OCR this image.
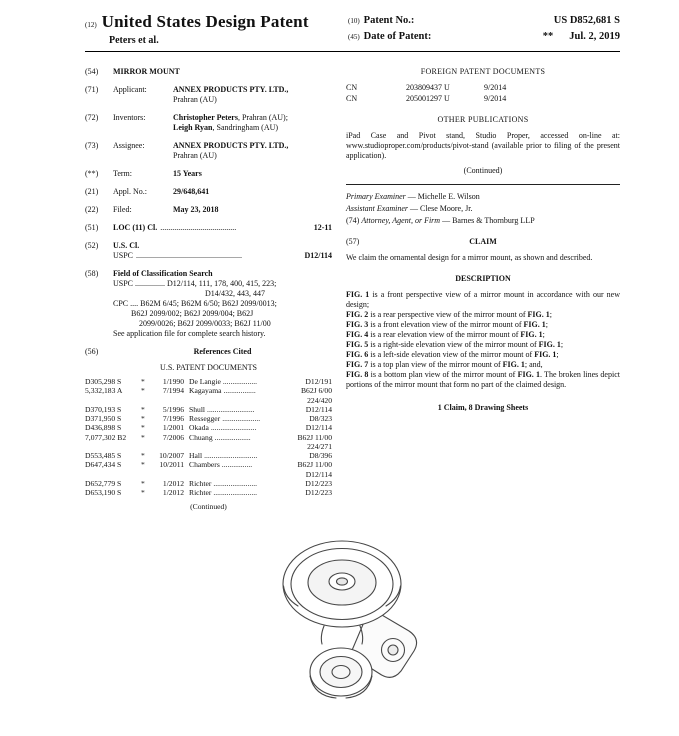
(12) United States Design Patent
Peters et al.
(10) Patent No.:	US D852,681 S
(45) Date of Patent:	** Jul. 2, 2019
(54)	MIRROR MOUNT
(71)	Applicant:	ANNEX PRODUCTS PTY. LTD.,
Prahran (AU)
(72)	Inventors:	Christopher Peters, Prahran (AU);
Leigh Ryan, Sandringham (AU)
(73)	Assignee:	ANNEX PRODUCTS PTY. LTD.,
Prahran (AU)
(**)	Term:	15 Years
(21)	Appl. No.:	29/648,641
(22)	Filed:	May 23, 2018
(51)	LOC (11) Cl. ......................................	12-11
(52)	U.S. Cl.
USPC .....................................................	D12/114
(58)	Field of Classification Search
USPC ............... D12/114, 111, 178, 400, 415, 223;
D14/432, 443, 447
CPC .... B62M 6/45; B62M 6/50; B62J 2099/0013;
B62J 2099/002; B62J 2099/004; B62J
2099/0026; B62J 2099/0033; B62J 11/00
See application file for complete search history.
(56)	References Cited
U.S. PATENT DOCUMENTS
D305,298 S	*	1/1990 De Langie ..................	D12/191
5,332,183 A	*	7/1994 Kagayama .................	B62J 6/00
224/420
D370,193 S	*	5/1996 Shull .........................	D12/114
D371,950 S	*	7/1996 Ressegger ....................	D8/323
D436,898 S	*	1/2001 Okada ........................	D12/114
7,077,302 B2	*	7/2006 Chuang ...................	B62J 11/00
224/271
D553,485 S	*	10/2007 Hall ............................	D8/396
D647,434 S	*	10/2011 Chambers ................	B62J 11/00
D12/114
D652,779 S	*	1/2012 Richter .......................	D12/223
D653,190 S	*	1/2012 Richter .......................	D12/223
(Continued)
FOREIGN PATENT DOCUMENTS
CN	203809437 U	9/2014
CN	205001297 U	9/2014
OTHER PUBLICATIONS
iPad Case and Pivot stand, Studio Proper, accessed on-line at: www.studioproper.com/products/pivot-stand (available prior to filing of the present application).
(Continued)
Primary Examiner — Michelle E. Wilson
Assistant Examiner — Clese Moore, Jr.
(74) Attorney, Agent, or Firm — Barnes & Thornburg LLP
(57)	CLAIM
We claim the ornamental design for a mirror mount, as shown and described.
DESCRIPTION

FIG. 1 is a front perspective view of a mirror mount in accordance with our new design;

FIG. 2 is a rear perspective view of the mirror mount of FIG. 1;

FIG. 3 is a front elevation view of the mirror mount of FIG. 1;

FIG. 4 is a rear elevation view of the mirror mount of FIG. 1;

FIG. 5 is a right-side elevation view of the mirror mount of FIG. 1;

FIG. 6 is a left-side elevation view of the mirror mount of FIG. 1;

FIG. 7 is a top plan view of the mirror mount of FIG. 1; and,

FIG. 8 is a bottom plan view of the mirror mount of FIG. 1. The broken lines depict portions of the mirror mount that form no part of the claimed design.

1 Claim, 8 Drawing Sheets
